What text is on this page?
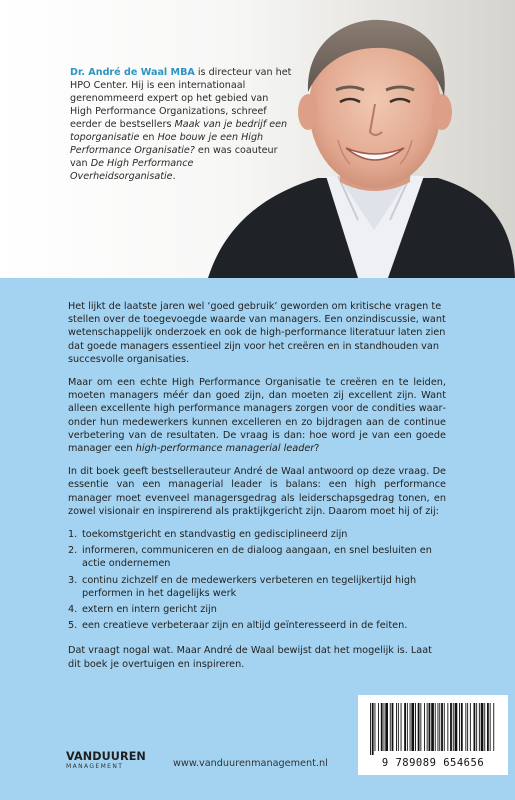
Dr. André de Waal MBA is directeur van het HPO Center. Hij is een internationaal gerenommeerd expert op het gebied van High Performance Organizations, schreef eerder de bestsellers Maak van je bedrijf een toporganisatie en Hoe bouw je een High Performance Organisatie? en was coauteur van De High Performance Overheidsorganisatie.

Het lijkt de laatste jaren wel ‘goed gebruik’ geworden om kritische vragen te stellen over de toegevoegde waarde van managers. Een onzindiscussie, want wetenschappelijk onderzoek en ook de high-performance literatuur laten zien dat goede managers essentieel zijn voor het creëren en in standhouden van succesvolle organisaties.

Maar om een echte High Performance Organisatie te creëren en te leiden, moeten managers méér dan goed zijn, dan moeten zij excellent zijn. Want alleen excellente high performance managers zorgen voor de condities waaronder hun medewerkers kunnen excelleren en zo bijdragen aan de continue verbetering van de resultaten. De vraag is dan: hoe word je van een goede manager een high-performance managerial leader?

In dit boek geeft bestsellerauteur André de Waal antwoord op deze vraag. De essentie van een managerial leader is balans: een high performance manager moet evenveel managersgedrag als leiderschapsgedrag tonen, en zowel visionair en inspirerend als praktijkgericht zijn. Daarom moet hij of zij:

1. toekomstgericht en standvastig en gedisciplineerd zijn
2. informeren, communiceren en de dialoog aangaan, en snel besluiten en actie ondernemen
3. continu zichzelf en de medewerkers verbeteren en tegelijkertijd high performen in het dagelijks werk
4. extern en intern gericht zijn
5. een creatieve verbeteraar zijn en altijd geïnteresseerd in de feiten.

Dat vraagt nogal wat. Maar André de Waal bewijst dat het mogelijk is. Laat dit boek je overtuigen en inspireren.

VANDUUREN
MANAGEMENT	www.vanduurenmanagement.nl	9 789089 654656
